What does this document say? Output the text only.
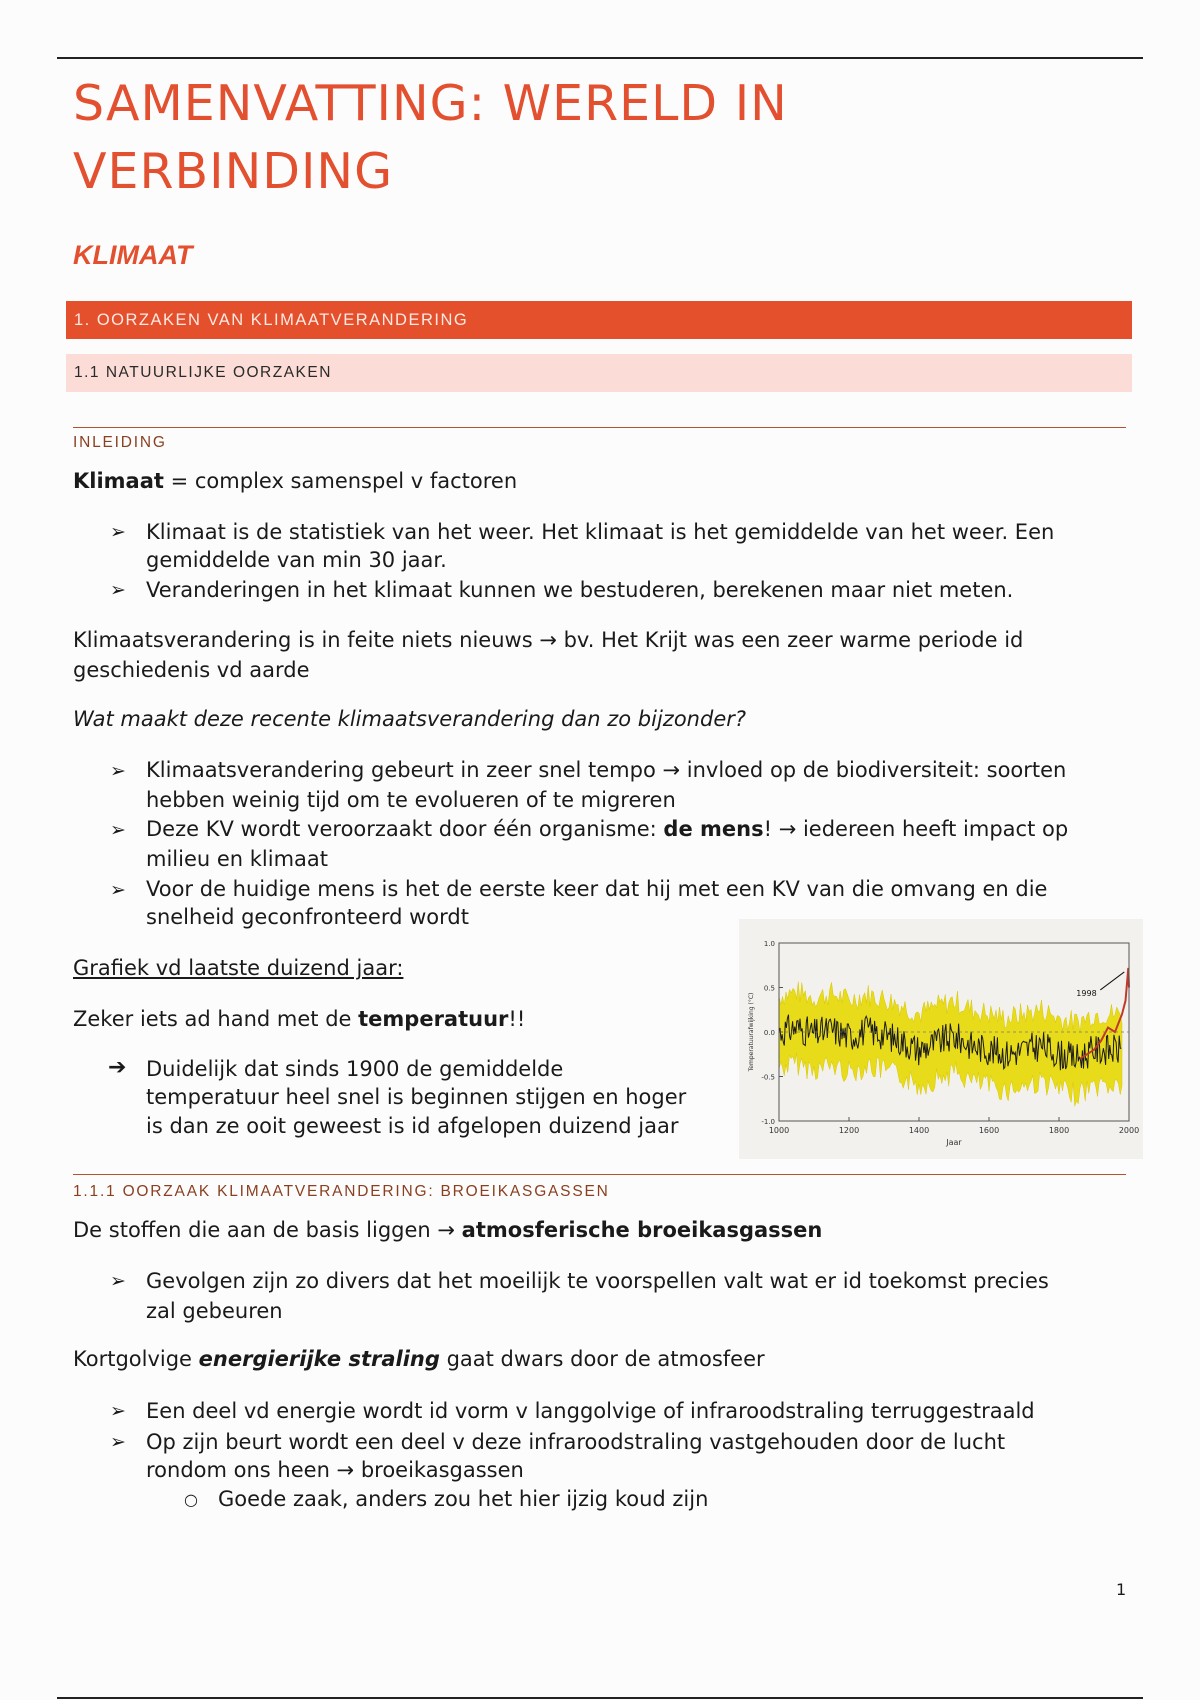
SAMENVATTING: WERELD IN
VERBINDING
KLIMAAT
1. OORZAKEN VAN KLIMAATVERANDERING
1.1 NATUURLIJKE OORZAKEN
INLEIDING
Klimaat = complex samenspel v factoren
➢ Klimaat is de statistiek van het weer. Het klimaat is het gemiddelde van het weer. Een
gemiddelde van min 30 jaar.
➢ Veranderingen in het klimaat kunnen we bestuderen, berekenen maar niet meten.
Klimaatsverandering is in feite niets nieuws → bv. Het Krijt was een zeer warme periode id
geschiedenis vd aarde
Wat maakt deze recente klimaatsverandering dan zo bijzonder?
➢ Klimaatsverandering gebeurt in zeer snel tempo → invloed op de biodiversiteit: soorten
hebben weinig tijd om te evolueren of te migreren
➢ Deze KV wordt veroorzaakt door één organisme: de mens! → iedereen heeft impact op
milieu en klimaat
➢ Voor de huidige mens is het de eerste keer dat hij met een KV van die omvang en die
snelheid geconfronteerd wordt
Grafiek vd laatste duizend jaar:
Zeker iets ad hand met de temperatuur!!
➔ Duidelijk dat sinds 1900 de gemiddelde
temperatuur heel snel is beginnen stijgen en hoger
is dan ze ooit geweest is id afgelopen duizend jaar
1998
1000	1200	1400	1600	1800	2000
1.0
0.5
0.0
-0.5
-1.0
Jaar
Temperatuurafwijking (°C)
1.1.1 OORZAAK KLIMAATVERANDERING: BROEIKASGASSEN
De stoffen die aan de basis liggen → atmosferische broeikasgassen
➢ Gevolgen zijn zo divers dat het moeilijk te voorspellen valt wat er id toekomst precies
zal gebeuren
Kortgolvige energierijke straling gaat dwars door de atmosfeer
➢ Een deel vd energie wordt id vorm v langgolvige of infraroodstraling terruggestraald
➢ Op zijn beurt wordt een deel v deze infraroodstraling vastgehouden door de lucht
rondom ons heen → broeikasgassen
○ Goede zaak, anders zou het hier ijzig koud zijn
1
